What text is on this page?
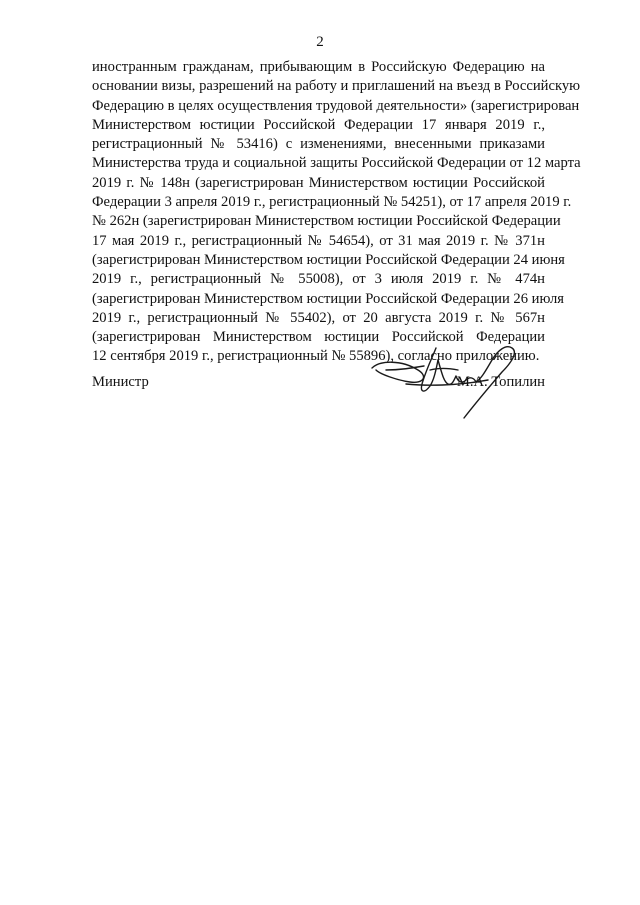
2
иностранным гражданам, прибывающим в Российскую Федерацию на
основании визы, разрешений на работу и приглашений на въезд в Российскую
Федерацию в целях осуществления трудовой деятельности» (зарегистрирован
Министерством юстиции Российской Федерации 17 января 2019 г.,
регистрационный № 53416) с изменениями, внесенными приказами
Министерства труда и социальной защиты Российской Федерации от 12 марта
2019 г. № 148н (зарегистрирован Министерством юстиции Российской
Федерации 3 апреля 2019 г., регистрационный № 54251), от 17 апреля 2019 г.
№ 262н (зарегистрирован Министерством юстиции Российской Федерации
17 мая 2019 г., регистрационный № 54654), от 31 мая 2019 г. № 371н
(зарегистрирован Министерством юстиции Российской Федерации 24 июня
2019 г., регистрационный № 55008), от 3 июля 2019 г. № 474н
(зарегистрирован Министерством юстиции Российской Федерации 26 июля
2019 г., регистрационный № 55402), от 20 августа 2019 г. № 567н
(зарегистрирован Министерством юстиции Российской Федерации
12 сентября 2019 г., регистрационный № 55896), согласно приложению.
Министр	М.А. Топилин
